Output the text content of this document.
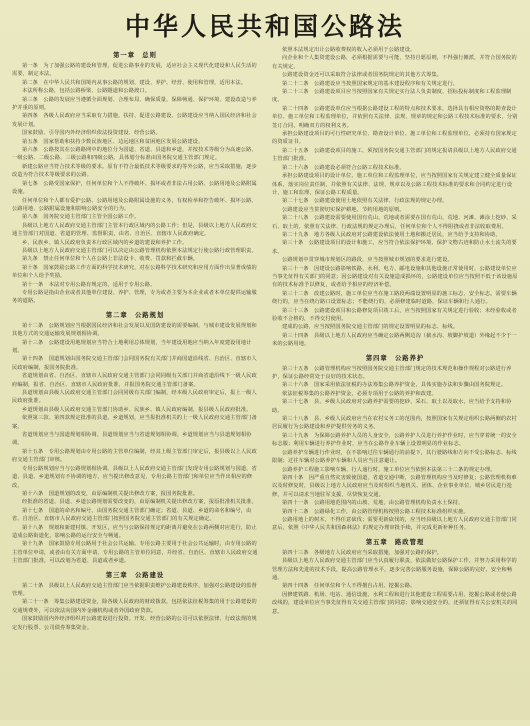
中华人民共和国公路法

第一章　总则

第一条　为了加强公路的建设和管理，促进公路事业的发展，适应社会主义现代化建设和人民生活的需要，制定本法。

第二条　在中华人民共和国境内从事公路的规划、建设、养护、经营、使用和管理，适用本法。

本法所称公路，包括公路桥梁、公路隧道和公路渡口。

第三条　公路的发展应当遵循全面规划、合理布局、确保质量、保障畅通、保护环境、建设改造与养护并重的原则。

第四条　各级人民政府应当采取有力措施，扶持、促进公路建设。公路建设应当纳入国民经济和社会发展计划。

国家鼓励、引导国内外经济组织依法投资建设、经营公路。

第五条　国家帮助和扶持少数民族地区、边远地区和贫困地区发展公路建设。

第六条　公路按其在公路路网中的地位分为国道、省道、县道和乡道，并按技术等级分为高速公路、一级公路、二级公路、三级公路和四级公路。具体划分标准由国务院交通主管部门规定。

新建公路应当符合技术等级的要求。原有不符合最低技术等级要求的等外公路，应当采取措施，逐步改造为符合技术等级要求的公路。

第七条　公路受国家保护，任何单位和个人不得破坏、损坏或者非法占用公路、公路用地及公路附属设施。

任何单位和个人都有爱护公路、公路用地及公路附属设施的义务，有权检举和控告破坏、损坏公路、公路用地、公路附属设施和影响公路安全的行为。

第八条　国务院交通主管部门主管全国公路工作。

县级以上地方人民政府交通主管部门主管本行政区域内的公路工作；但是，县级以上地方人民政府交通主管部门对国道、省道的管理、监督职责，由省、自治区、直辖市人民政府确定。

乡、民族乡、镇人民政府负责本行政区域内的乡道的建设和养护工作。

县级以上地方人民政府交通主管部门可以决定由公路管理机构依照本法规定行使公路行政管理职责。

第九条　禁止任何单位和个人在公路上非法设卡、收费、罚款和拦截车辆。

第十条　国家鼓励公路工作方面的科学技术研究，对在公路科学技术研究和应用方面作出显著成绩的单位和个人给予奖励。

第十一条　本法对专用公路有规定的，适用于专用公路。

专用公路是指由企业或者其他单位建设、养护、管理，专为或者主要为本企业或者本单位提供运输服务的道路。

第二章　公路规划

第十二条　公路规划应当根据国民经济和社会发展以及国防建设的需要编制，与城市建设发展规划和其他方式的交通运输发展规划相协调。

第十三条　公路建设用地规划应当符合土地利用总体规划，当年建设用地应当纳入年度建设用地计划。

第十四条　国道规划由国务院交通主管部门会同国务院有关部门并商国道沿线省、自治区、直辖市人民政府编制，报国务院批准。

省道规划由省、自治区、直辖市人民政府交通主管部门会同同级有关部门并商省道沿线下一级人民政府编制，报省、自治区、直辖市人民政府批准，并报国务院交通主管部门备案。

县道规划由县级人民政府交通主管部门会同同级有关部门编制，经本级人民政府审定后，报上一级人民政府批准。

乡道规划由县级人民政府交通主管部门协助乡、民族乡、镇人民政府编制，报县级人民政府批准。

依照第三款、第四款规定批准的县道、乡道规划，应当报批准机关的上一级人民政府交通主管部门备案。

省道规划应当与国道规划相协调。县道规划应当与省道规划相协调。乡道规划应当与县道规划相协调。

第十五条　专用公路规划由专用公路的主管单位编制，经其上级主管部门审定后，报县级以上人民政府交通主管部门审核。

专用公路规划应当与公路规划相协调。县级以上人民政府交通主管部门发现专用公路规划与国道、省道、县道、乡道规划有不协调的地方，应当提出修改意见，专用公路主管部门和单位应当作出相应的修改。

第十六条　国道规划的改变，由原编制机关提出修改方案，报国务院批准。

经批准的省道、县道、乡道公路规划需要改变的，由原编制机关提出修改方案，报原批准机关批准。

第十七条　国道的命名和编号，由国务院交通主管部门确定；省道、县道、乡道的命名和编号，由省、自治区、直辖市人民政府交通主管部门按照国务院交通主管部门的有关规定确定。

第十八条　规划和新建村镇、开发区，应当与公路保持规定的距离并避免在公路两侧对应进行，防止造成公路街道化，影响公路的运行安全与畅通。

第十九条　国家鼓励专用公路用于社会公共运输。专用公路主要用于社会公共运输时，由专用公路的主管单位申请，或者由有关方面申请，专用公路的主管单位同意，并经省、自治区、直辖市人民政府交通主管部门批准，可以改划为省道、县道或者乡道。

第三章　公路建设

第二十条　县级以上人民政府交通主管部门应当依据职责维护公路建设秩序，加强对公路建设的监督管理。

第二十一条　筹集公路建设资金，除各级人民政府的财政拨款，包括依法征税筹集的用于公路建设的交通规费外，可以依法向国内外金融机构或者外国政府贷款。

国家鼓励国内外经济组织对公路建设进行投资。开发、经营公路的公司可以依照法律、行政法规的规定发行股票、公司债券筹集资金。

依照本法规定出让公路收费权的收入必须用于公路建设。

向企业和个人集资建设公路，必须根据需要与可能，坚持自愿原则，不得强行摊派，并符合国务院的有关规定。

公路建设资金还可以采取符合法律或者国务院规定的其他方式筹集。

第二十二条　公路建设应当按照国家规定的基本建设程序和有关规定进行。

第二十三条　公路建设项目应当按照国家有关规定实行法人负责制度、招标投标制度和工程监理制度。

第二十四条　公路建设单位应当根据公路建设工程的特点和技术要求，选择具有相应资格的勘查设计单位、施工单位和工程监理单位，并依照有关法律、法规、规章的规定和公路工程技术标准的要求，分别签订合同，明确双方的权利义务。

承担公路建设项目的可行性研究单位、勘查设计单位、施工单位和工程监理单位，必须持有国家规定的资质证书。

第二十五条　公路建设项目的施工，须按国务院交通主管部门的规定报请县级以上地方人民政府交通主管部门批准。

第二十六条　公路建设必须符合公路工程技术标准。

承担公路建设项目的设计单位、施工单位和工程监理单位，应当按照国家有关规定建立健全质量保证体系，落实岗位责任制，并依照有关法律、法规、规章以及公路工程技术标准的要求和合同约定进行设计、施工和监理，保证公路工程质量。

第二十七条　公路建设使用土地依照有关法律、行政法规的规定办理。

公路建设应当贯彻切实保护耕地、节约用地的原则。

第二十八条　公路建设需要使用国有荒山、荒地或者需要在国有荒山、荒地、河滩、滩涂上挖砂、采石、取土的，依照有关法律、行政法规的规定办理后，任何单位和个人不得阻挠或者非法收取费用。

第二十九条　地方各级人民政府对公路建设依法使用土地和搬迁居民，应当给予支持和协助。

第三十条　公路建设项目的设计和施工，应当符合依法保护环境、保护文物古迹和防止水土流失的要求。

公路规划中贯穿城市规划区的路段，应当按照城市规划的要求进行建设。

第三十一条　因建设公路影响铁路、水利、电力、邮电设施和其他设施正常使用时，公路建设单位应当事先征得有关部门的同意；因公路建设对有关设施造成损坏的，公路建设单位应当按照不低于该设施原有的技术标准予以修复，或者给予相应的经济补偿。

第三十二条　改建公路时，施工单位应当在施工路段两端设置明显的施工标志、安全标志。需要车辆绕行的，应当在绕行路口设置标志；不能绕行的，必须修建临时道路，保证车辆和行人通行。

第三十三条　公路建设项目和公路修复项目竣工后，应当按照国家有关规定进行验收；未经验收或者验收不合格的，不得交付使用。

建成的公路，应当按照国务院交通主管部门的规定设置明显的标志、标线。

第三十四条　县级以上地方人民政府应当确定公路两侧边沟（截水沟、坡脚护坡道）外缘起不少于一米的公路用地。

第四章　公路养护

第三十五条　公路管理机构应当按照国务院交通主管部门规定的技术规范和操作规程对公路进行养护，保证公路经常处于良好的技术状态。

第三十六条　国家采用依法征税的办法筹集公路养护资金，具体实施办法和步骤由国务院规定。

依法征税筹集的公路养护资金，必须专项用于公路的养护和改建。

第三十七条　县、乡级人民政府对公路养护需要的挖砂、采石、取土以及取水，应当给予支持和协助。

第三十八条　县、乡级人民政府应当在农村义务工的范围内，按照国家有关规定组织公路两侧的农村居民履行为公路建设和养护提供劳务的义务。

第三十九条　为保障公路养护人员的人身安全，公路养护人员进行养护作业时，应当穿着统一的安全标志服；利用车辆进行养护作业时，应当在公路作业车辆上设置明显的作业标志。

公路养护车辆进行作业时，在不影响过往车辆通行的前提下，其行驶路线和方向不受公路标志、标线限制；过往车辆对公路养护车辆和人员应当注意避让。

公路养护工程施工影响车辆、行人通行时，施工单位应当依照本法第三十二条的规定办理。

第四十条　因严重自然灾害致使国道、省道交通中断，公路管理机构应当及时修复；公路管理机构难以及时修复时，县级以上地方人民政府应当及时组织当地机关、团体、企业事业单位、城乡居民进行抢修，并可以请求当地驻军支援，尽快恢复交通。

第四十一条　公路用地范围内的山坡、荒地，由公路管理机构负责水土保持。

第四十二条　公路绿化工作，由公路管理机构按照公路工程技术标准组织实施。

公路用地上的树木，不得任意砍伐；需要更新砍伐的，应当经县级以上地方人民政府交通主管部门同意后，依照《中华人民共和国森林法》的规定办理审批手续，并完成更新补种任务。

第五章　路政管理

第四十三条　各级地方人民政府应当采取措施，加强对公路的保护。

县级以上地方人民政府交通主管部门应当认真履行职责，依法做好公路保护工作，并努力采用科学的管理方法和先进的技术手段，提高公路管理水平，逐步完善公路服务设施，保障公路的完好、安全和畅通。

第四十四条　任何单位和个人不得擅自占用、挖掘公路。

因修建铁路、机场、电站、通信设施、水利工程和进行其他建设工程需要占用、挖掘公路或者使公路改线的，建设单位应当事先征得有关交通主管部门的同意；影响交通安全的，还须征得有关公安机关的同意。
